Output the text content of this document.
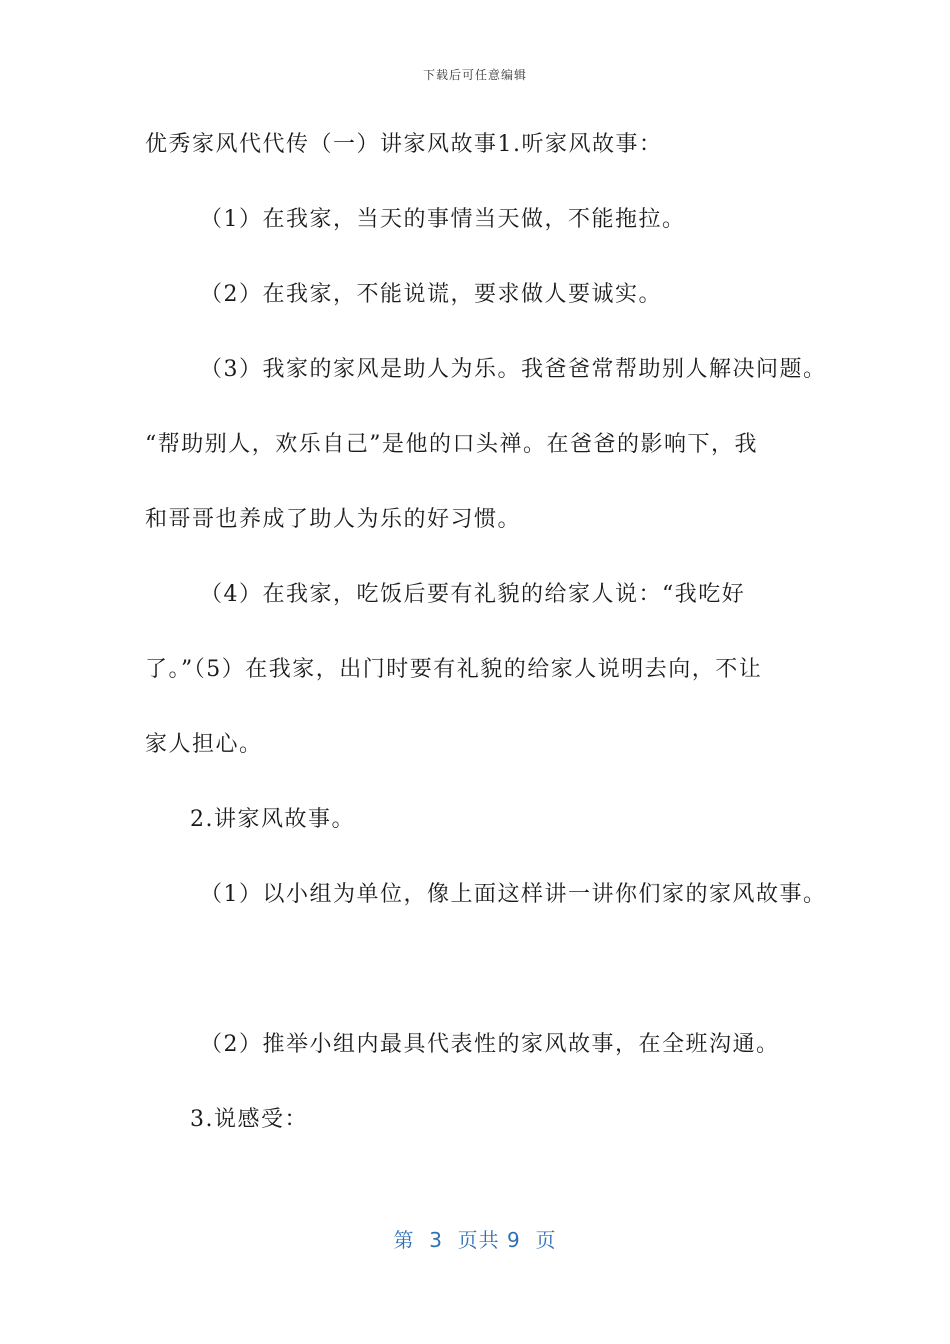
下载后可任意编辑
优秀家风代代传（一）讲家风故事1.听家风故事：
（1）在我家，当天的事情当天做，不能拖拉。
（2）在我家，不能说谎，要求做人要诚实。
（3）我家的家风是助人为乐。我爸爸常帮助别人解决问题。
“帮助别人，欢乐自己”是他的口头禅。在爸爸的影响下，我
和哥哥也养成了助人为乐的好习惯。
（4）在我家，吃饭后要有礼貌的给家人说：“我吃好
了。”（5）在我家，出门时要有礼貌的给家人说明去向，不让
家人担心。
2.讲家风故事。
（1）以小组为单位，像上面这样讲一讲你们家的家风故事。
（2）推举小组内最具代表性的家风故事，在全班沟通。
3.说感受：
第  3  页共 9  页
